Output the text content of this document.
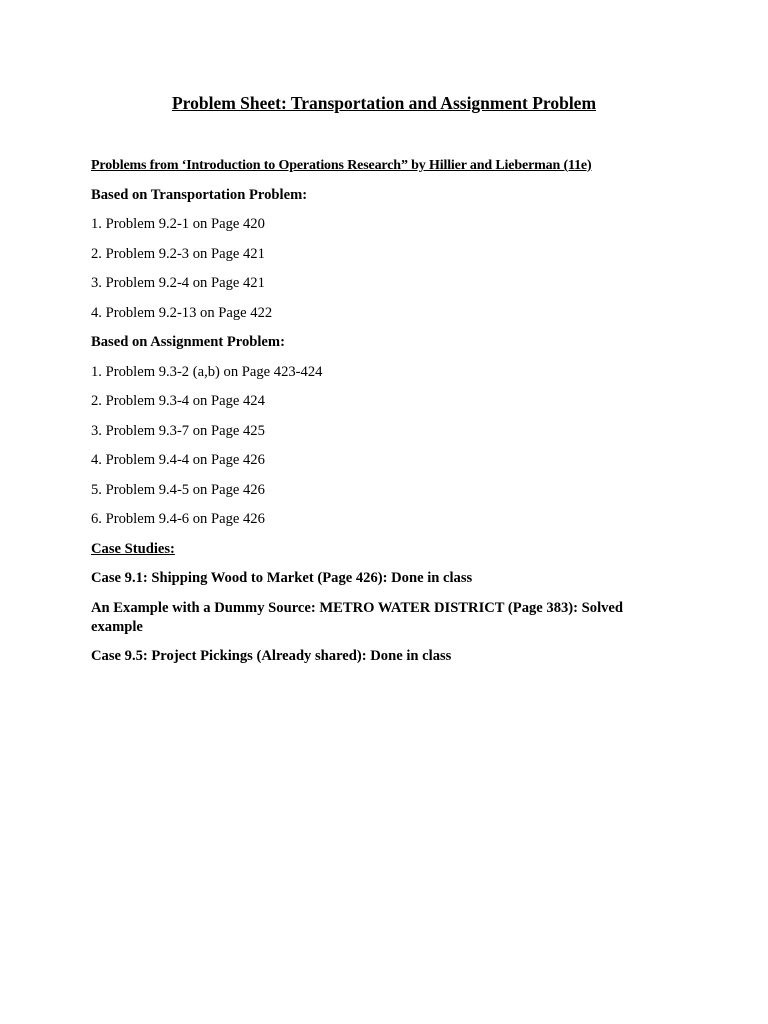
Problem Sheet: Transportation and Assignment Problem

Problems from ‘Introduction to Operations Research” by Hillier and Lieberman (11e)

Based on Transportation Problem:

1. Problem 9.2-1 on Page 420

2. Problem 9.2-3 on Page 421

3. Problem 9.2-4 on Page 421

4. Problem 9.2-13 on Page 422

Based on Assignment Problem:

1. Problem 9.3-2 (a,b) on Page 423-424

2. Problem 9.3-4 on Page 424

3. Problem 9.3-7 on Page 425

4. Problem 9.4-4 on Page 426

5. Problem 9.4-5 on Page 426

6. Problem 9.4-6 on Page 426

Case Studies:

Case 9.1: Shipping Wood to Market (Page 426): Done in class

An Example with a Dummy Source: METRO WATER DISTRICT (Page 383): Solved example

Case 9.5: Project Pickings (Already shared): Done in class
